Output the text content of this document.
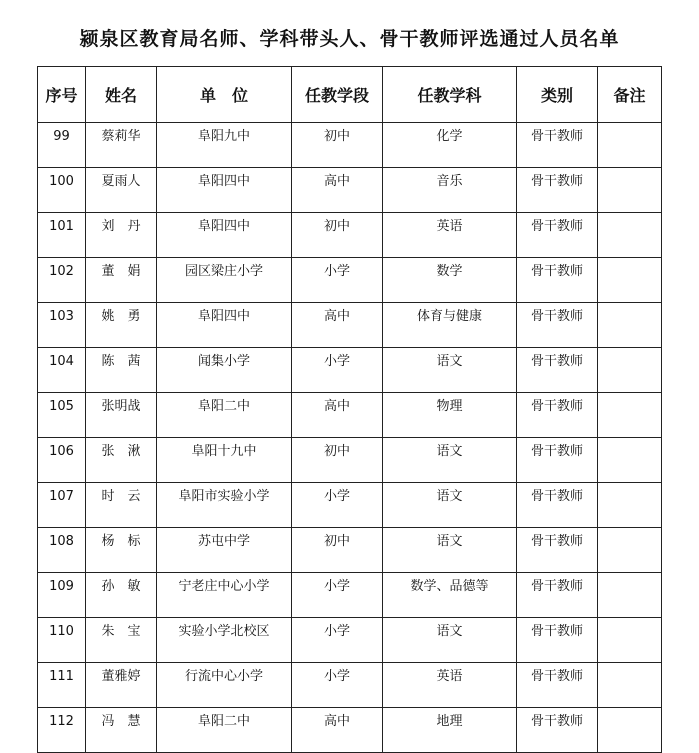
颍泉区教育局名师、学科带头人、骨干教师评选通过人员名单
序号	姓名	单　位	任教学段	任教学科	类别	备注
99	蔡莉华	阜阳九中	初中	化学	骨干教师	
100	夏雨人	阜阳四中	高中	音乐	骨干教师	
101	刘　丹	阜阳四中	初中	英语	骨干教师	
102	董　娟	园区梁庄小学	小学	数学	骨干教师	
103	姚　勇	阜阳四中	高中	体育与健康	骨干教师	
104	陈　茜	闻集小学	小学	语文	骨干教师	
105	张明战	阜阳二中	高中	物理	骨干教师	
106	张　湫	阜阳十九中	初中	语文	骨干教师	
107	时　云	阜阳市实验小学	小学	语文	骨干教师	
108	杨　标	苏屯中学	初中	语文	骨干教师	
109	孙　敏	宁老庄中心小学	小学	数学、品德等	骨干教师	
110	朱　宝	实验小学北校区	小学	语文	骨干教师	
111	董雅婷	行流中心小学	小学	英语	骨干教师	
112	冯　慧	阜阳二中	高中	地理	骨干教师	
